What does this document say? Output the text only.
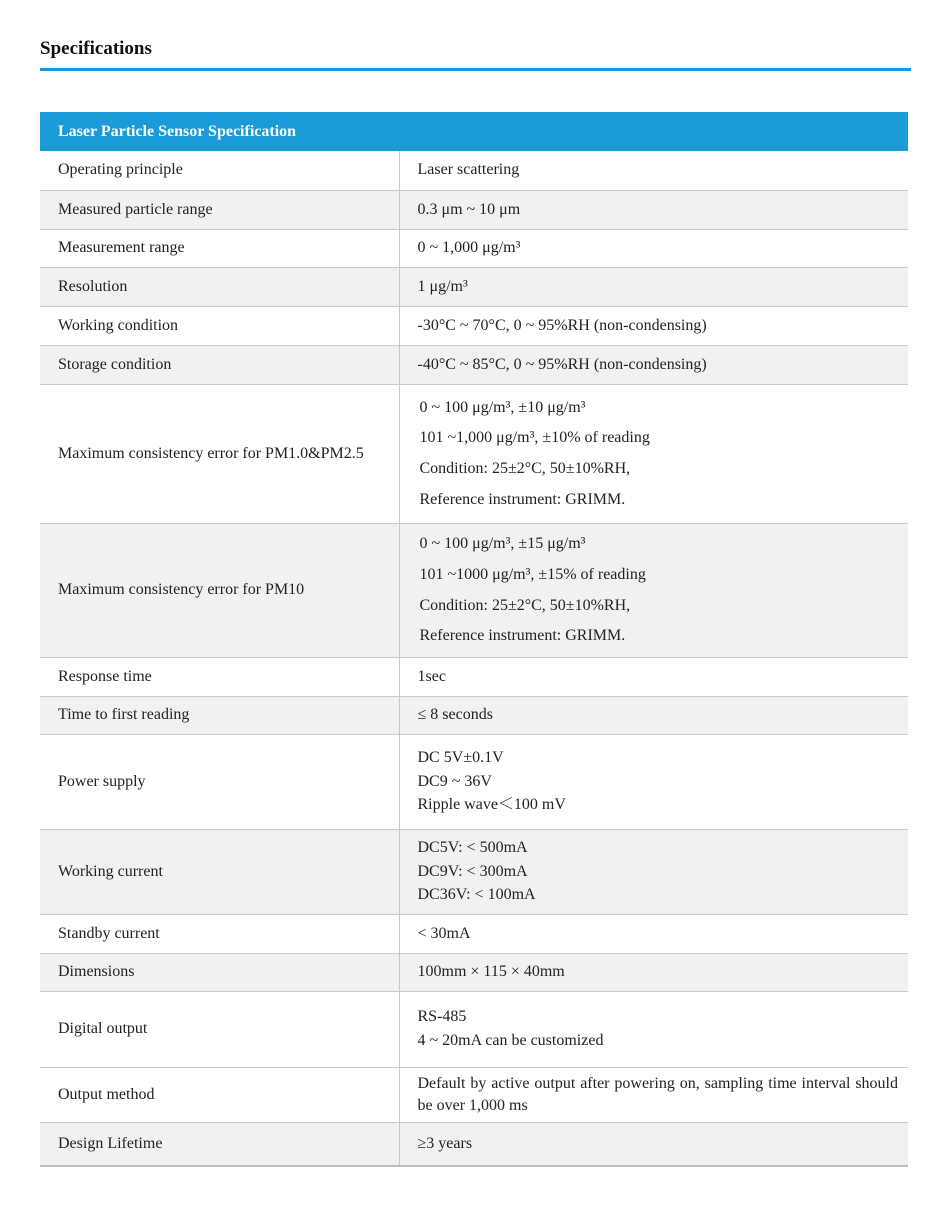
Specifications
Laser Particle Sensor Specification	
Operating principle	Laser scattering
Measured particle range	0.3 μm ~ 10 μm
Measurement range	0 ~ 1,000 μg/m³
Resolution	1 μg/m³
Working condition	-30°C ~ 70°C, 0 ~ 95%RH (non-condensing)
Storage condition	-40°C ~ 85°C, 0 ~ 95%RH (non-condensing)
Maximum consistency error for PM1.0&PM2.5	0 ~ 100 μg/m³, ±10 μg/m³
101 ~1,000 μg/m³, ±10% of reading
Condition: 25±2°C, 50±10%RH,
Reference instrument: GRIMM.

Maximum consistency error for PM10	0 ~ 100 μg/m³, ±15 μg/m³
101 ~1000 μg/m³, ±15% of reading
Condition: 25±2°C, 50±10%RH,
Reference instrument: GRIMM.

Response time	1sec
Time to first reading	≤ 8 seconds
Power supply	DC 5V±0.1V
DC9 ~ 36V
Ripple wave＜100 mV

Working current	DC5V: < 500mA
DC9V: < 300mA
DC36V: < 100mA

Standby current	< 30mA
Dimensions	100mm × 115 × 40mm
Digital output	RS-485
4 ~ 20mA can be customized

Output method	Default by active output after powering on, sampling time interval should be over 1,000 ms
Design Lifetime	≥3 years
